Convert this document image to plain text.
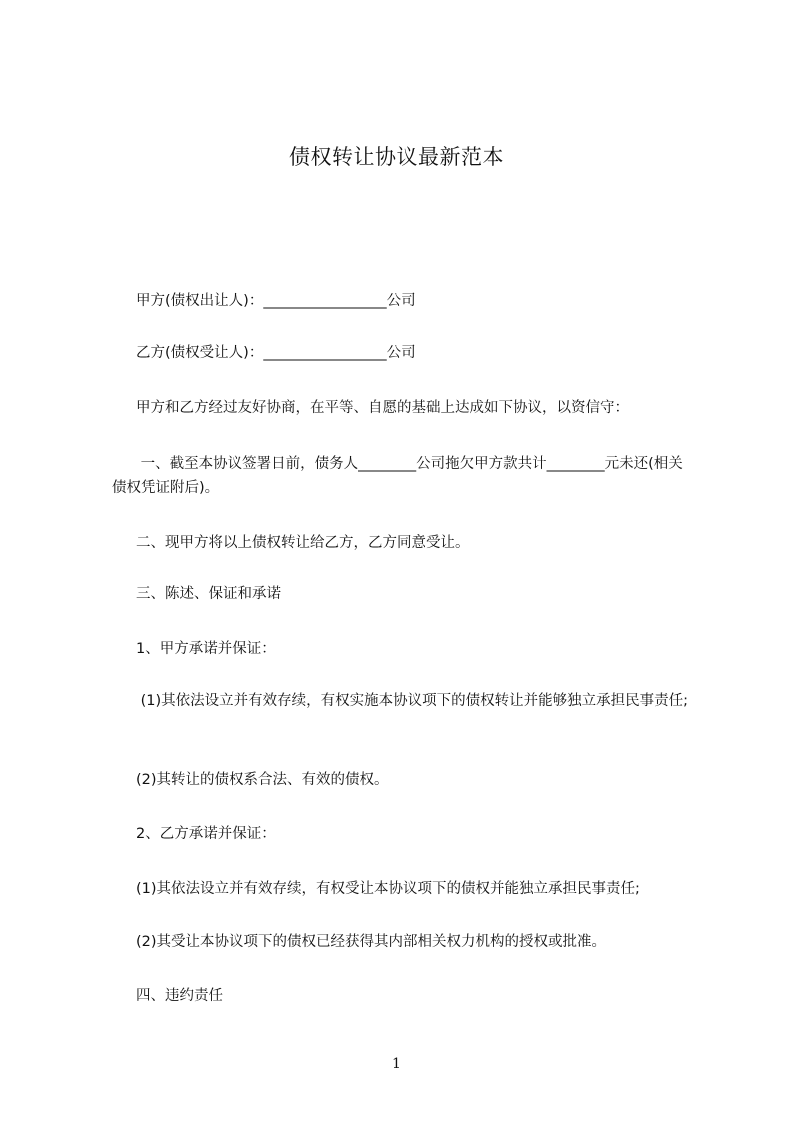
债权转让协议最新范本
甲方(债权出让人)：_________________公司
乙方(债权受让人)：_________________公司
甲方和乙方经过友好协商，在平等、自愿的基础上达成如下协议，以资信守：
一、截至本协议签署日前，债务人________公司拖欠甲方款共计________元未还(相关债权凭证附后)。
二、现甲方将以上债权转让给乙方，乙方同意受让。
三、陈述、保证和承诺
1、甲方承诺并保证：
(1)其依法设立并有效存续，有权实施本协议项下的债权转让并能够独立承担民事责任;
(2)其转让的债权系合法、有效的债权。
2、乙方承诺并保证：
(1)其依法设立并有效存续，有权受让本协议项下的债权并能独立承担民事责任;
(2)其受让本协议项下的债权已经获得其内部相关权力机构的授权或批准。
四、违约责任
1
